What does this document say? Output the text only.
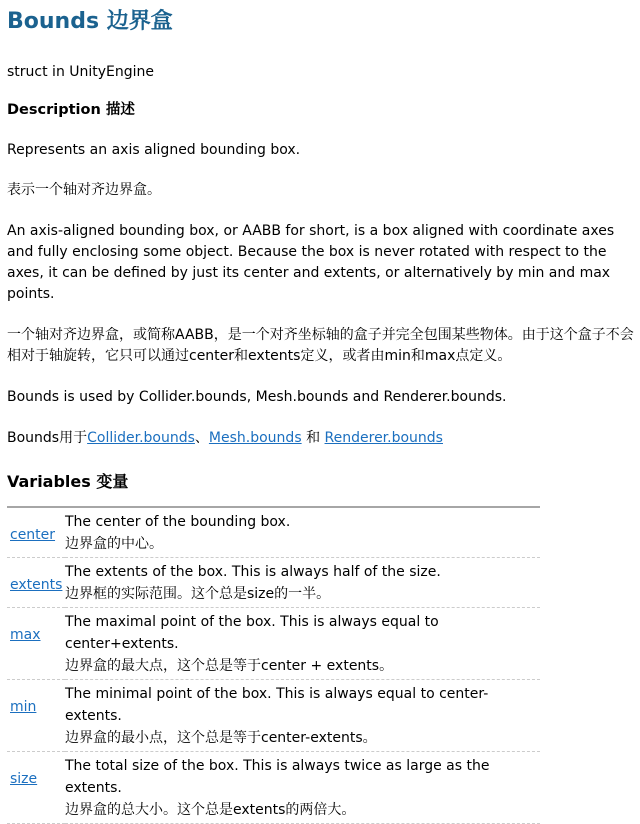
Bounds 边界盒

struct in UnityEngine

Description 描述

Represents an axis aligned bounding box.

表示一个轴对齐边界盒。

An axis-aligned bounding box, or AABB for short, is a box aligned with coordinate axes and fully enclosing some object. Because the box is never rotated with respect to the axes, it can be defined by just its center and extents, or alternatively by min and max points.

一个轴对齐边界盒，或简称AABB，是一个对齐坐标轴的盒子并完全包围某些物体。由于这个盒子不会相对于轴旋转，它只可以通过center和extents定义，或者由min和max点定义。

Bounds is used by Collider.bounds, Mesh.bounds and Renderer.bounds.

Bounds用于Collider.bounds、Mesh.bounds 和 Renderer.bounds

Variables 变量
center	The center of the bounding box.
边界盒的中心。

extents	The extents of the box. This is always half of the size.
边界框的实际范围。这个总是size的一半。

max	The maximal point of the box. This is always equal to center+extents.
边界盒的最大点，这个总是等于center + extents。

min	The minimal point of the box. This is always equal to center-extents.
边界盒的最小点，这个总是等于center-extents。

size	The total size of the box. This is always twice as large as the extents.
边界盒的总大小。这个总是extents的两倍大。
